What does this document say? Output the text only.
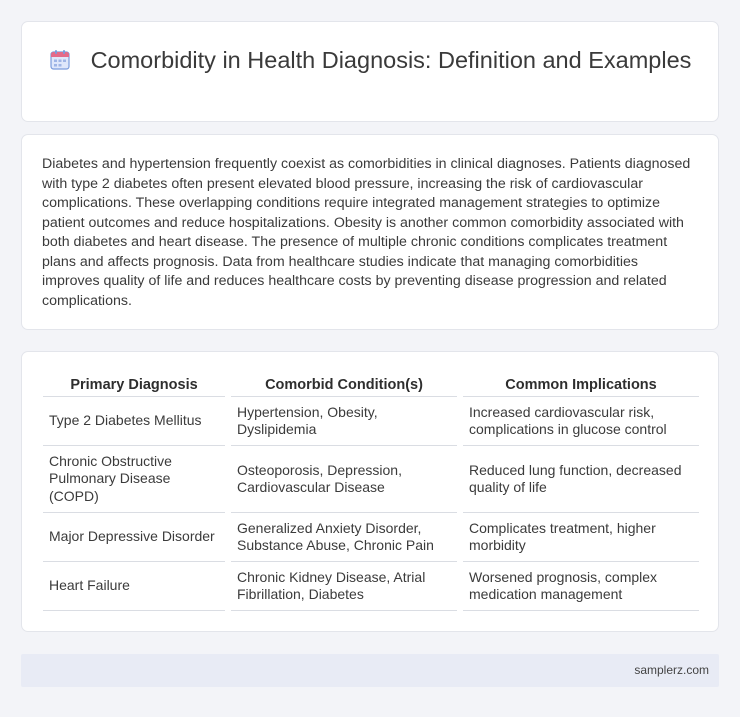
Comorbidity in Health Diagnosis: Definition and Examples

Diabetes and hypertension frequently coexist as comorbidities in clinical diagnoses. Patients diagnosed with type 2 diabetes often present elevated blood pressure, increasing the risk of cardiovascular complications. These overlapping conditions require integrated management strategies to optimize patient outcomes and reduce hospitalizations. Obesity is another common comorbidity associated with both diabetes and heart disease. The presence of multiple chronic conditions complicates treatment plans and affects prognosis. Data from healthcare studies indicate that managing comorbidities improves quality of life and reduces healthcare costs by preventing disease progression and related complications.

Primary Diagnosis	Comorbid Condition(s)	Common Implications
Type 2 Diabetes Mellitus	Hypertension, Obesity, Dyslipidemia	Increased cardiovascular risk, complications in glucose control
Chronic Obstructive Pulmonary Disease (COPD)	Osteoporosis, Depression, Cardiovascular Disease	Reduced lung function, decreased quality of life
Major Depressive Disorder	Generalized Anxiety Disorder, Substance Abuse, Chronic Pain	Complicates treatment, higher morbidity
Heart Failure	Chronic Kidney Disease, Atrial Fibrillation, Diabetes	Worsened prognosis, complex medication management
samplerz.com
